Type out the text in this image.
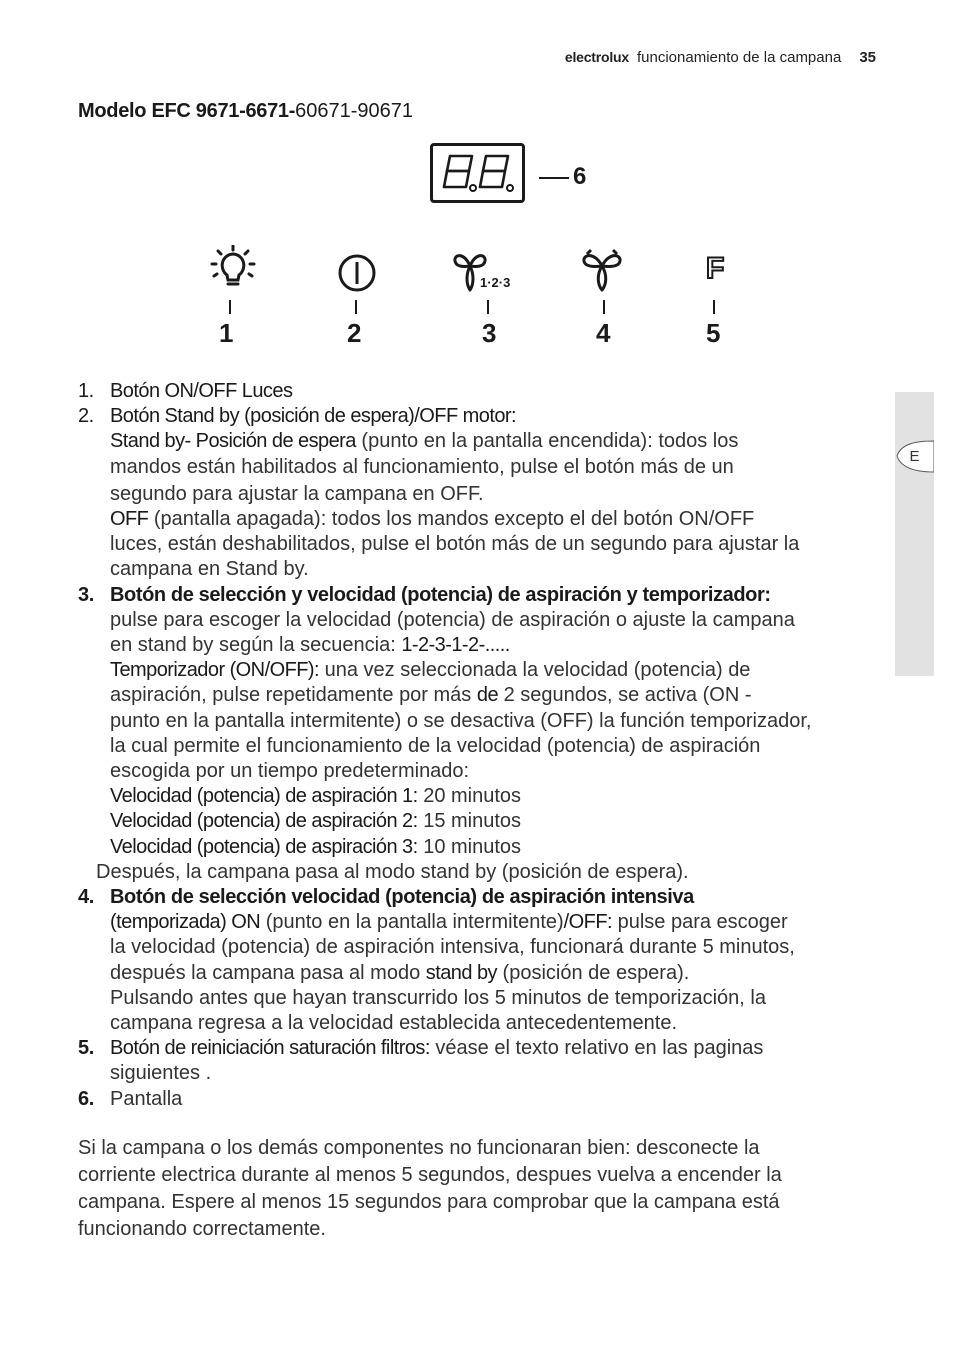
electrolux funcionamiento de la campana 35
Modelo EFC 9671-6671-60671-90671
6
1	2
1·2·3
3	4
F
5
E

1. Botón ON/OFF Luces

2. Botón Stand by (posición de espera)/OFF motor:

Stand by- Posición de espera (punto en la pantalla encendida): todos los

mandos están habilitados al funcionamiento, pulse el botón más de un

segundo para ajustar la campana en OFF.

OFF (pantalla apagada): todos los mandos excepto el del botón ON/OFF

luces, están deshabilitados, pulse el botón más de un segundo para ajustar la

campana en Stand by.

3. Botón de selección y velocidad (potencia) de aspiración y temporizador:

pulse para escoger la velocidad (potencia) de aspiración o ajuste la campana

en stand by según la secuencia: 1-2-3-1-2-.....

Temporizador (ON/OFF): una vez seleccionada la velocidad (potencia) de

aspiración, pulse repetidamente por más de 2 segundos, se activa (ON -

punto en la pantalla intermitente) o se desactiva (OFF) la función temporizador,

la cual permite el funcionamiento de la velocidad (potencia) de aspiración

escogida por un tiempo predeterminado:

Velocidad (potencia) de aspiración 1: 20 minutos

Velocidad (potencia) de aspiración 2: 15 minutos

Velocidad (potencia) de aspiración 3: 10 minutos

Después, la campana pasa al modo stand by (posición de espera).

4. Botón de selección velocidad (potencia) de aspiración intensiva

(temporizada) ON (punto en la pantalla intermitente)/OFF: pulse para escoger

la velocidad (potencia) de aspiración intensiva, funcionará durante 5 minutos,

después la campana pasa al modo stand by (posición de espera).

Pulsando antes que hayan transcurrido los 5 minutos de temporización, la

campana regresa a la velocidad establecida antecedentemente.

5. Botón de reiniciación saturación filtros: véase el texto relativo en las paginas

siguientes .

6. Pantalla

Si la campana o los demás componentes no funcionaran bien: desconecte la

corriente electrica durante al menos 5 segundos, despues vuelva a encender la

campana. Espere al menos 15 segundos para comprobar que la campana está

funcionando correctamente.
